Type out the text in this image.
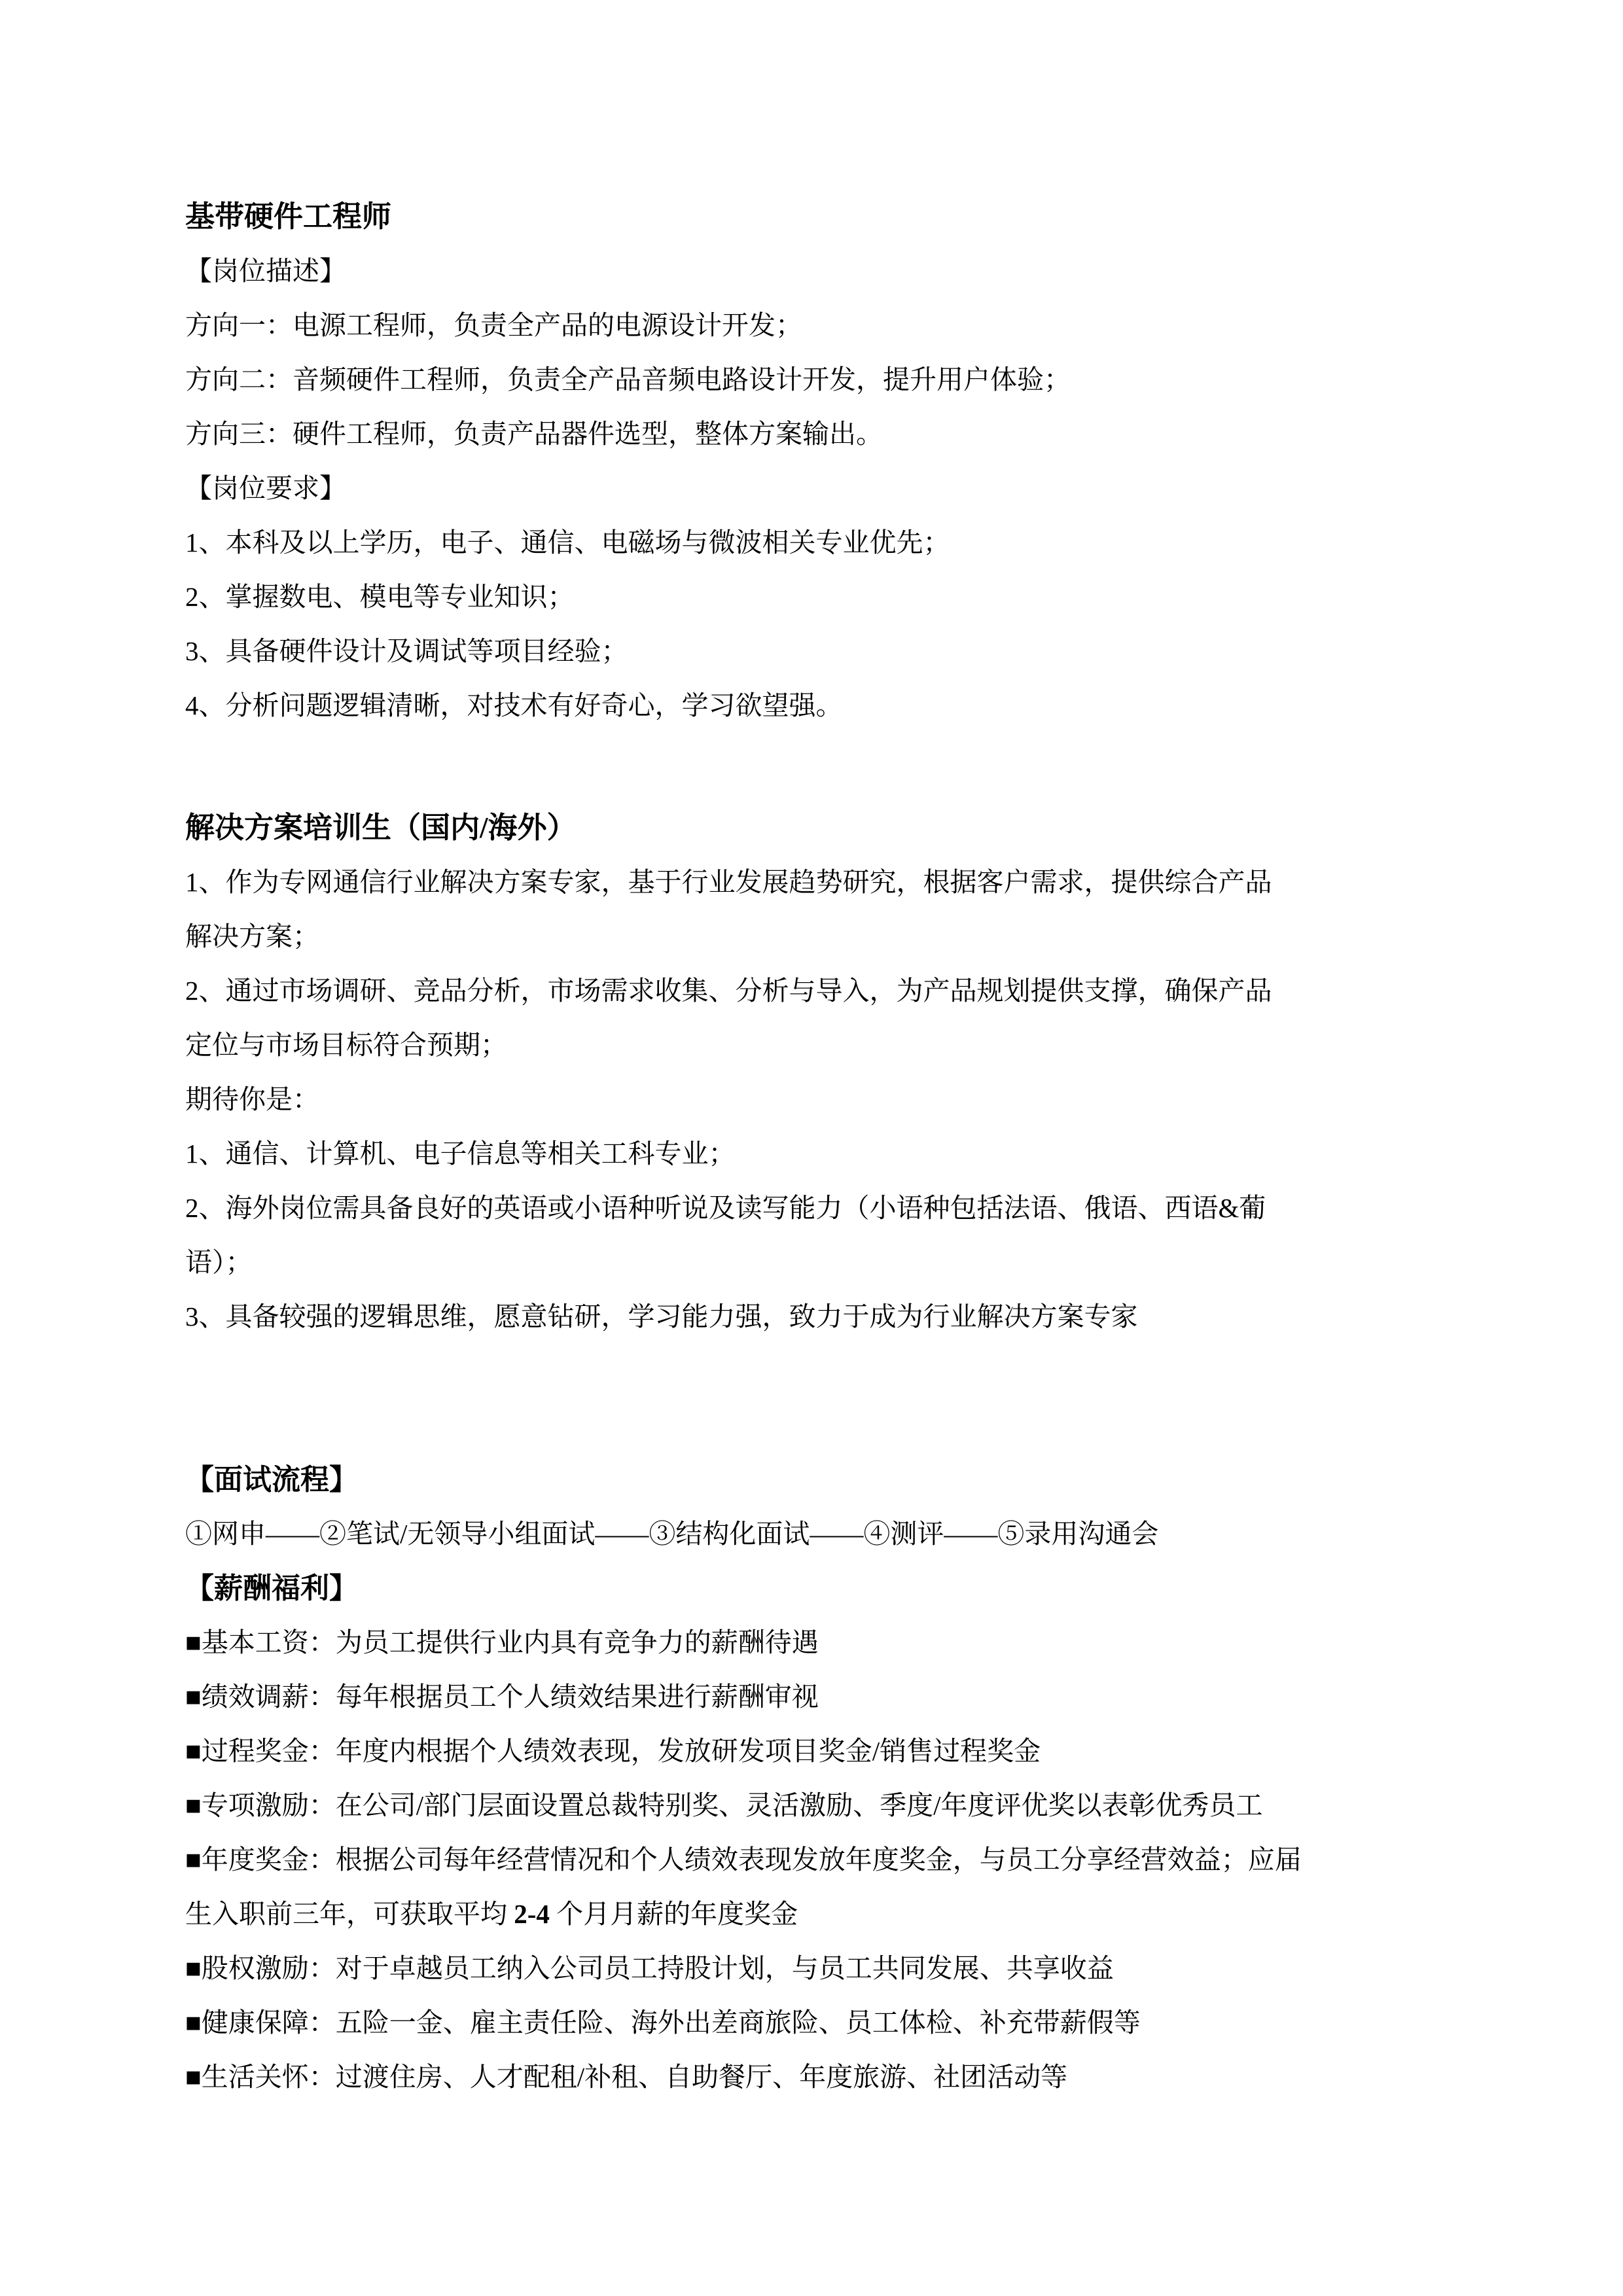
基带硬件工程师
【岗位描述】
方向一：电源工程师，负责全产品的电源设计开发；
方向二：音频硬件工程师，负责全产品音频电路设计开发，提升用户体验；
方向三：硬件工程师，负责产品器件选型，整体方案输出。
【岗位要求】
1、本科及以上学历，电子、通信、电磁场与微波相关专业优先；
2、掌握数电、模电等专业知识；
3、具备硬件设计及调试等项目经验；
4、分析问题逻辑清晰，对技术有好奇心，学习欲望强。
解决方案培训生（国内/海外）
1、作为专网通信行业解决方案专家，基于行业发展趋势研究，根据客户需求，提供综合产品
解决方案；
2、通过市场调研、竞品分析，市场需求收集、分析与导入，为产品规划提供支撑，确保产品
定位与市场目标符合预期；
期待你是：
1、通信、计算机、电子信息等相关工科专业；
2、海外岗位需具备良好的英语或小语种听说及读写能力（小语种包括法语、俄语、西语&葡
语）；
3、具备较强的逻辑思维，愿意钻研，学习能力强，致力于成为行业解决方案专家
【面试流程】
①网申——②笔试/无领导小组面试——③结构化面试——④测评——⑤录用沟通会
【薪酬福利】
■基本工资：为员工提供行业内具有竞争力的薪酬待遇
■绩效调薪：每年根据员工个人绩效结果进行薪酬审视
■过程奖金：年度内根据个人绩效表现，发放研发项目奖金/销售过程奖金
■专项激励：在公司/部门层面设置总裁特别奖、灵活激励、季度/年度评优奖以表彰优秀员工
■年度奖金：根据公司每年经营情况和个人绩效表现发放年度奖金，与员工分享经营效益；应届
生入职前三年，可获取平均 2-4 个月月薪的年度奖金
■股权激励：对于卓越员工纳入公司员工持股计划，与员工共同发展、共享收益
■健康保障：五险一金、雇主责任险、海外出差商旅险、员工体检、补充带薪假等
■生活关怀：过渡住房、人才配租/补租、自助餐厅、年度旅游、社团活动等
